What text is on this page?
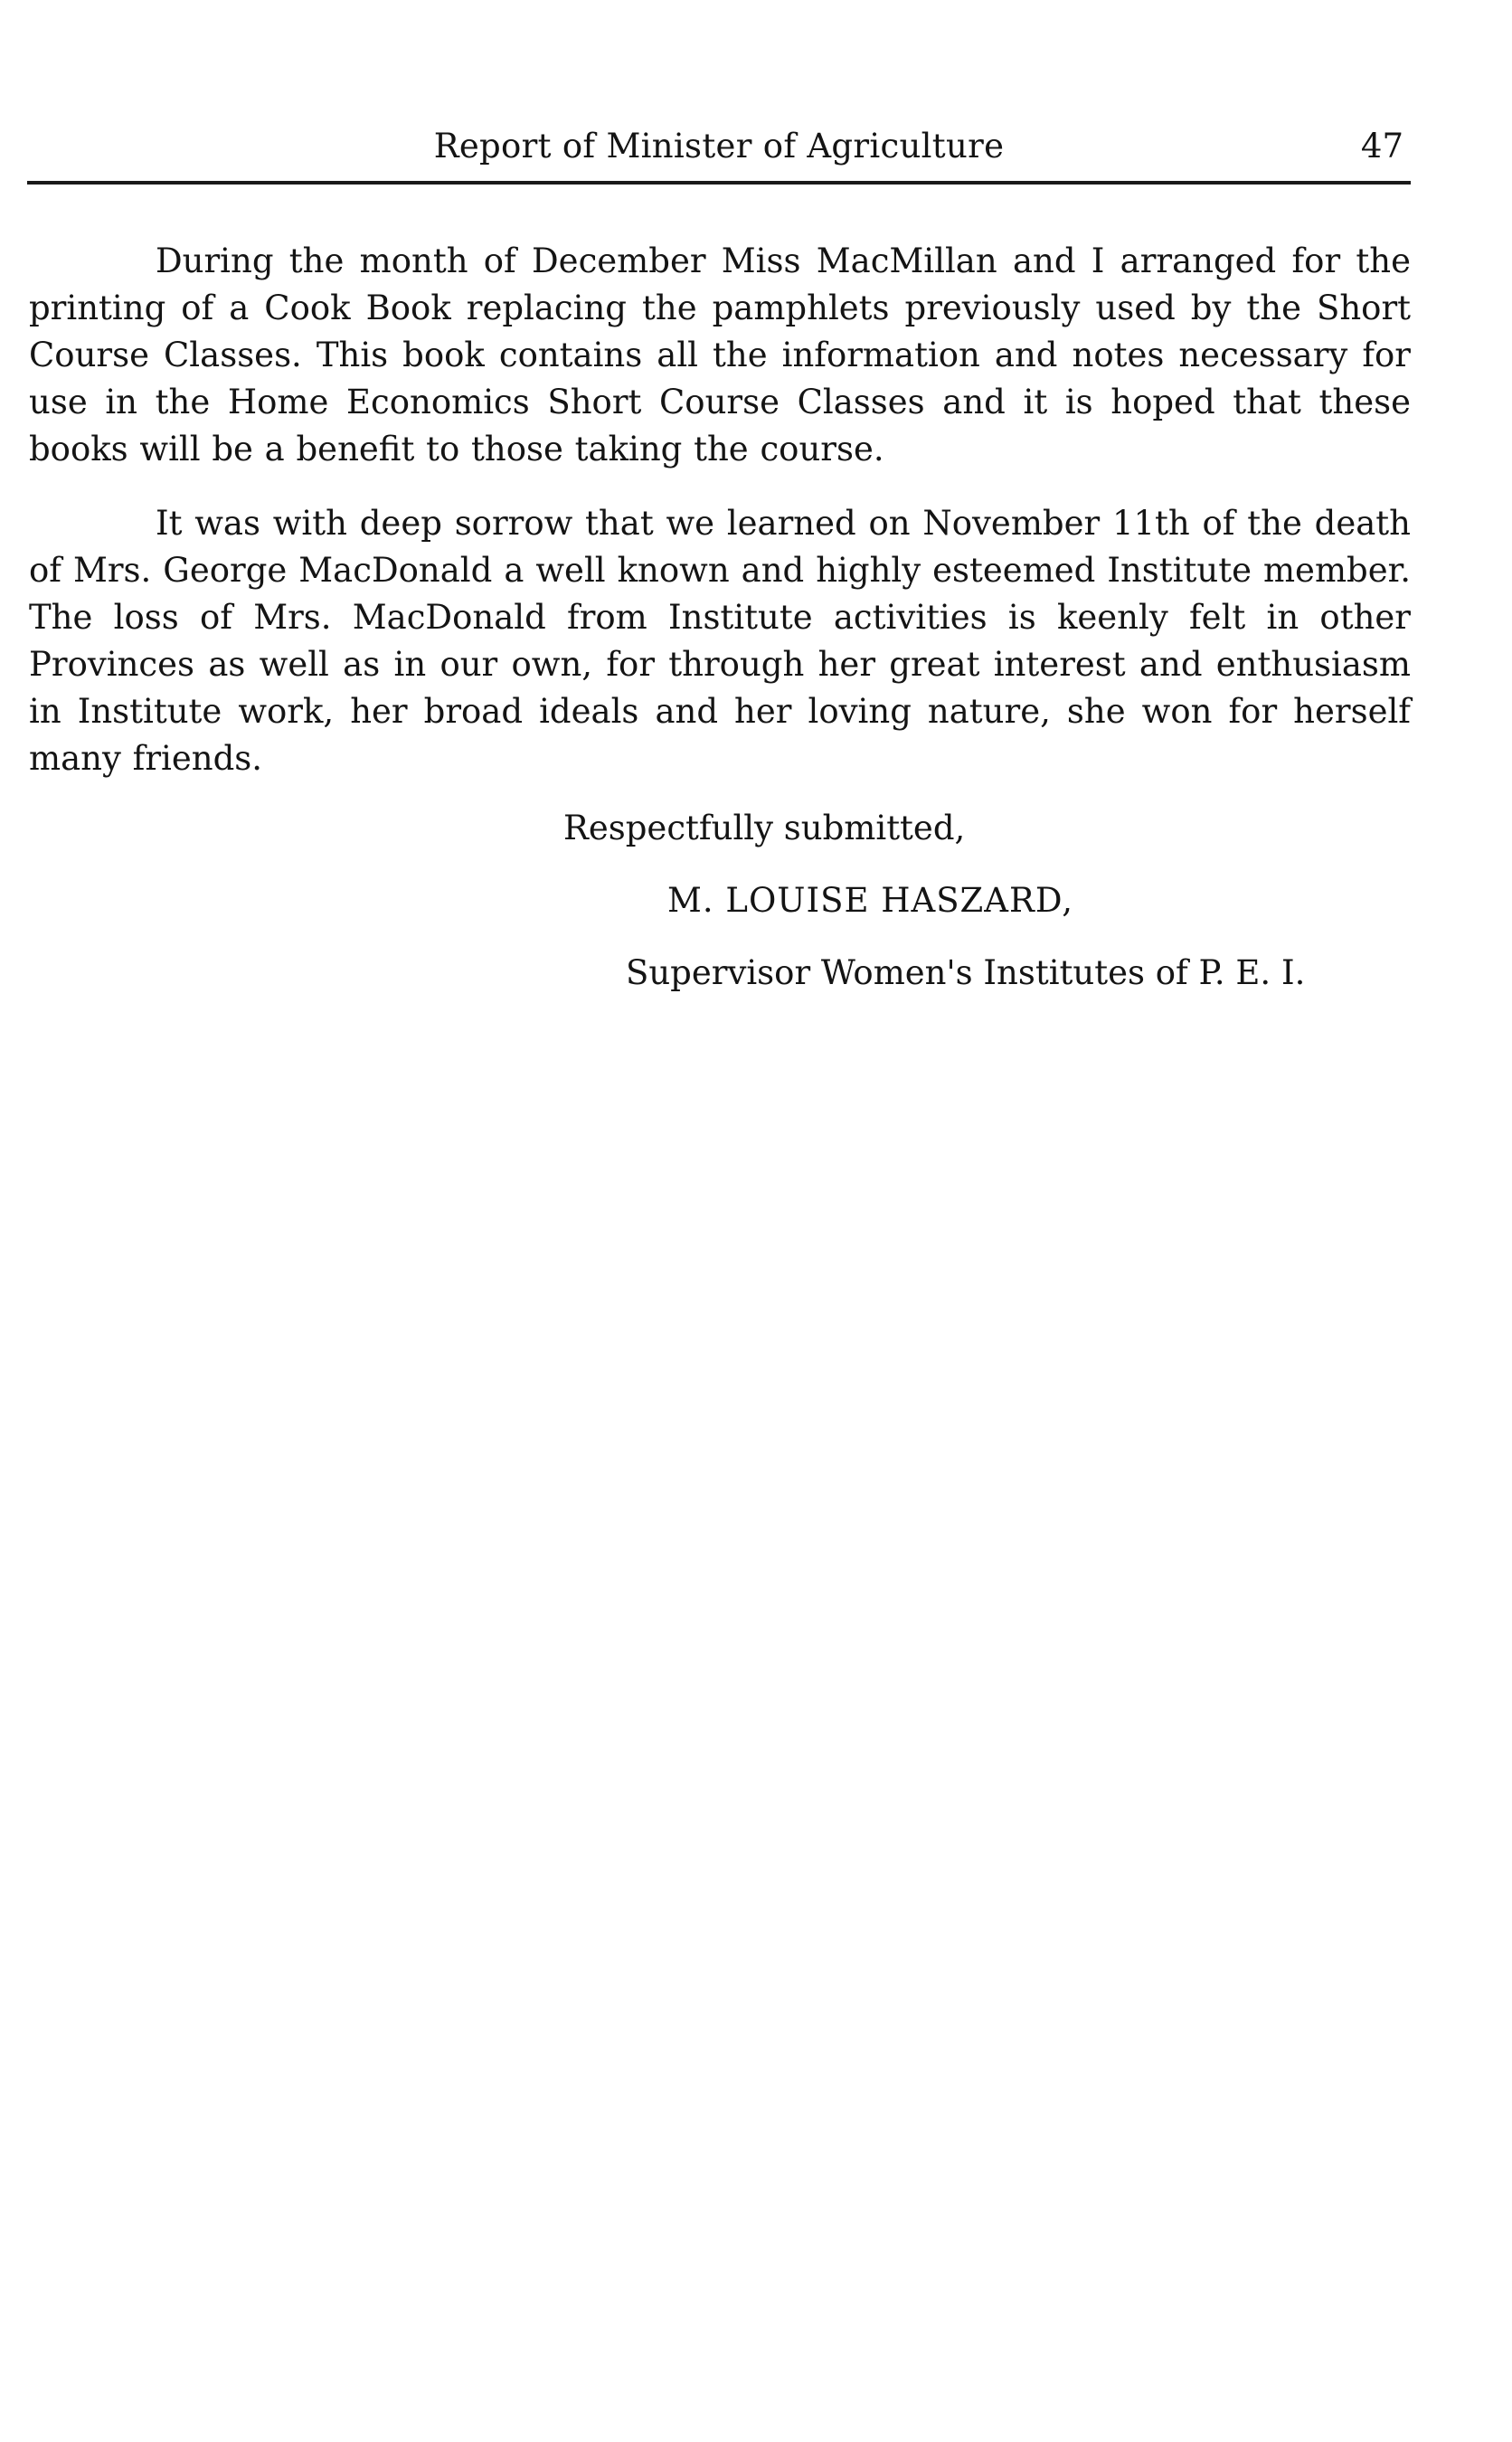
Report of Minister of Agriculture	47

During the month of December Miss MacMillan and I arranged for the printing of a Cook Book replacing the pamphlets previously used by the Short Course Classes. This book contains all the information and notes necessary for use in the Home Economics Short Course Classes and it is hoped that these books will be a benefit to those taking the course.

It was with deep sorrow that we learned on November 11th of the death of Mrs. George MacDonald a well known and highly esteemed Institute member. The loss of Mrs. MacDonald from Institute activities is keenly felt in other Provinces as well as in our own, for through her great interest and enthusiasm in Institute work, her broad ideals and her loving nature, she won for herself many friends.

Respectfully submitted,
M. LOUISE HASZARD,
Supervisor Women's Institutes of P. E. I.
